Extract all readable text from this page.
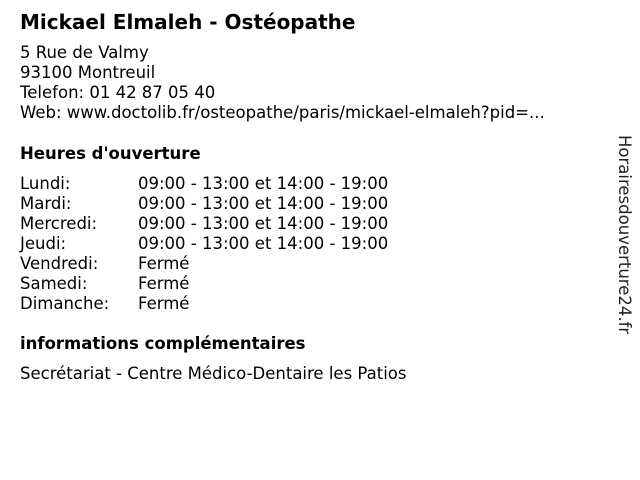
Mickael Elmaleh - Ostéopathe
5 Rue de Valmy
93100 Montreuil
Telefon: 01 42 87 05 40
Web: www.doctolib.fr/osteopathe/paris/mickael-elmaleh?pid=...
Heures d'ouverture
Lundi:	09:00 - 13:00 et 14:00 - 19:00
Mardi:	09:00 - 13:00 et 14:00 - 19:00
Mercredi: 09:00 - 13:00 et 14:00 - 19:00
Jeudi:	09:00 - 13:00 et 14:00 - 19:00
Vendredi: Fermé
Samedi:	Fermé
Dimanche: Fermé
informations complémentaires
Secrétariat - Centre Médico-Dentaire les Patios
Horairesdouverture24.fr
